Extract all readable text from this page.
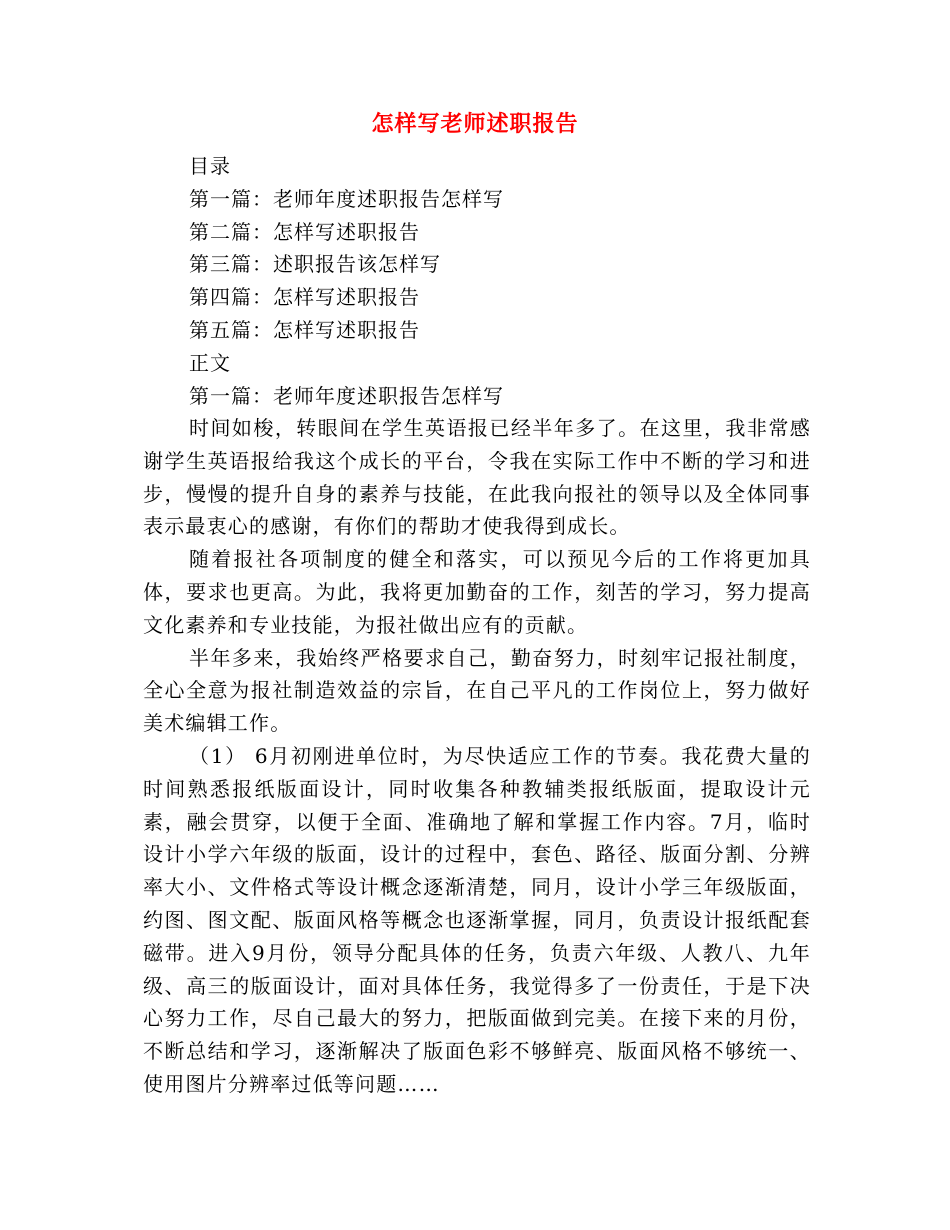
怎样写老师述职报告
目录
第一篇：老师年度述职报告怎样写
第二篇：怎样写述职报告
第三篇：述职报告该怎样写
第四篇：怎样写述职报告
第五篇：怎样写述职报告
正文
第一篇：老师年度述职报告怎样写

时间如梭，转眼间在学生英语报已经半年多了。在这里，我非常感谢学生英语报给我这个成长的平台，令我在实际工作中不断的学习和进步，慢慢的提升自身的素养与技能，在此我向报社的领导以及全体同事表示最衷心的感谢，有你们的帮助才使我得到成长。

随着报社各项制度的健全和落实，可以预见今后的工作将更加具体，要求也更高。为此，我将更加勤奋的工作，刻苦的学习，努力提高文化素养和专业技能，为报社做出应有的贡献。

半年多来，我始终严格要求自己，勤奋努力，时刻牢记报社制度，全心全意为报社制造效益的宗旨，在自己平凡的工作岗位上，努力做好美术编辑工作。

（1） 6月初刚进单位时，为尽快适应工作的节奏。我花费大量的时间熟悉报纸版面设计，同时收集各种教辅类报纸版面，提取设计元素，融会贯穿，以便于全面、准确地了解和掌握工作内容。7月，临时设计小学六年级的版面，设计的过程中，套色、路径、版面分割、分辨率大小、文件格式等设计概念逐渐清楚，同月，设计小学三年级版面，约图、图文配、版面风格等概念也逐渐掌握，同月，负责设计报纸配套磁带。进入9月份，领导分配具体的任务，负责六年级、人教八、九年级、高三的版面设计，面对具体任务，我觉得多了一份责任，于是下决心努力工作，尽自己最大的努力，把版面做到完美。在接下来的月份，不断总结和学习，逐渐解决了版面色彩不够鲜亮、版面风格不够统一、使用图片分辨率过低等问题……
